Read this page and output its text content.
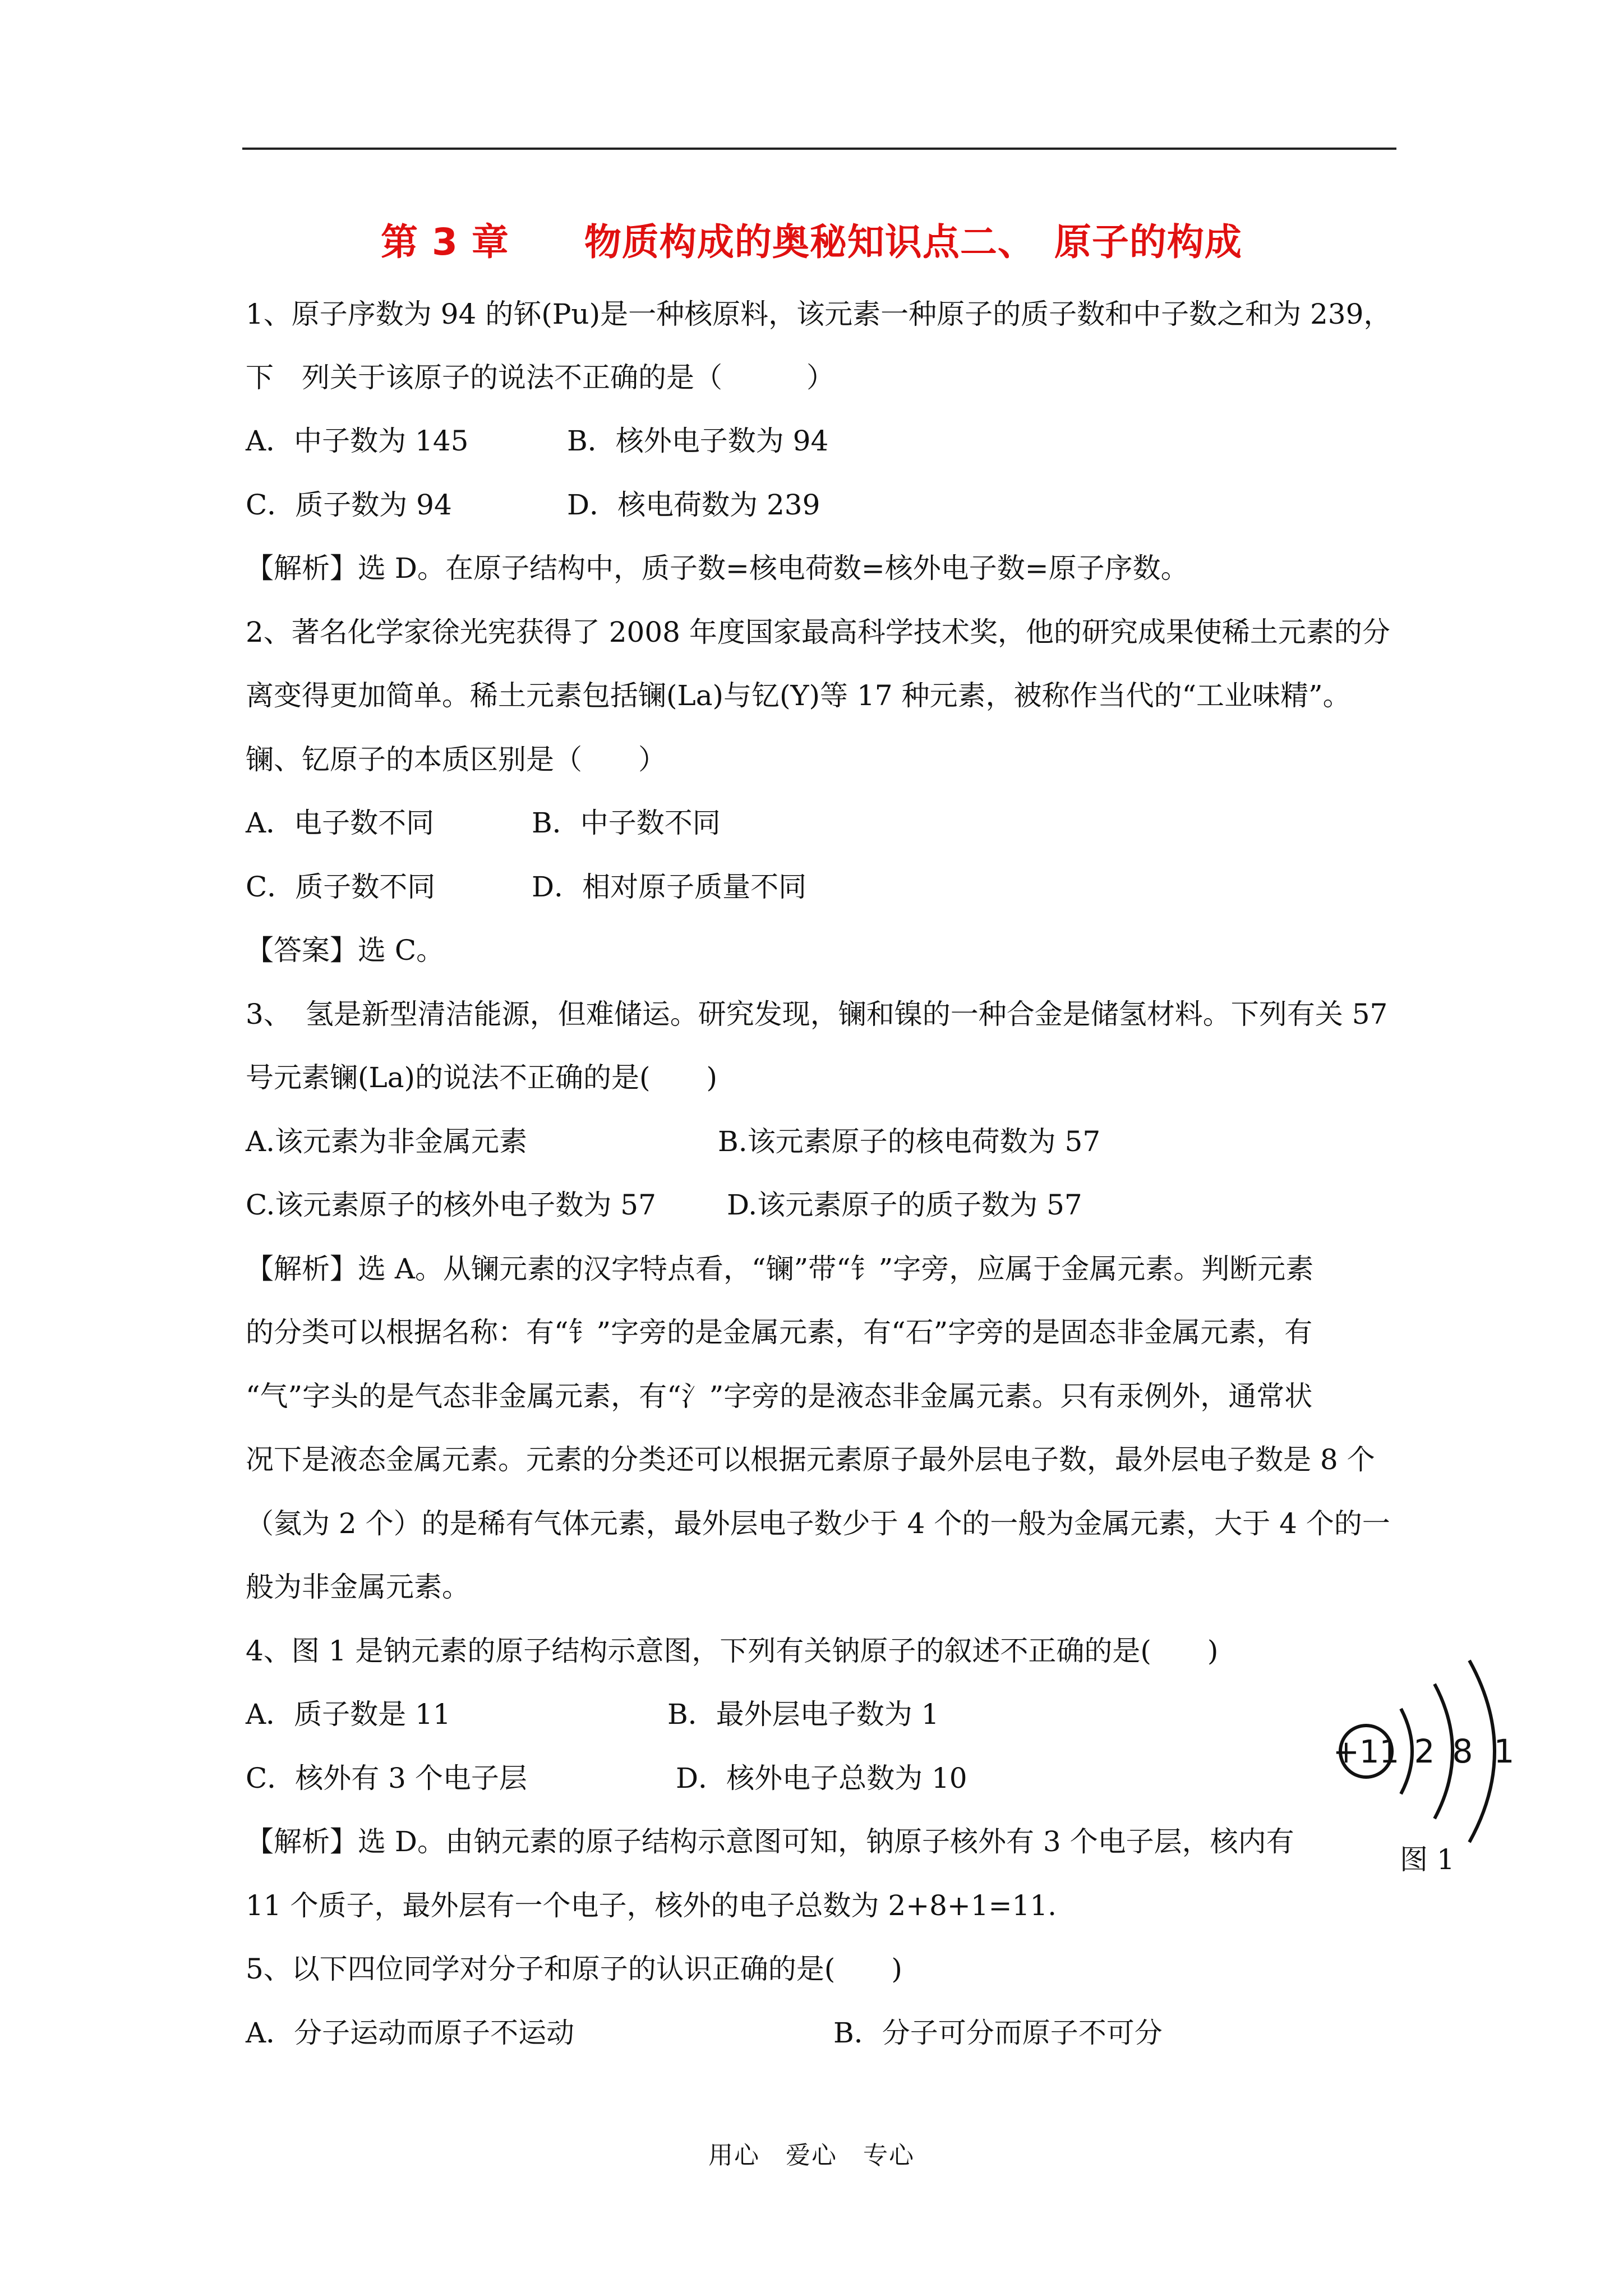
第 3 章　　物质构成的奥秘知识点二、　原子的构成
1、原子序数为 94 的钚(Pu)是一种核原料，该元素一种原子的质子数和中子数之和为 239，
下　列关于该原子的说法不正确的是（　　　）
A．中子数为 145	B．核外电子数为 94
C．质子数为 94	D．核电荷数为 239
【解析】选 D。在原子结构中，质子数=核电荷数=核外电子数=原子序数。
2、著名化学家徐光宪获得了 2008 年度国家最高科学技术奖，他的研究成果使稀土元素的分
离变得更加简单。稀土元素包括镧(La)与钇(Y)等 17 种元素，被称作当代的“工业味精”。
镧、钇原子的本质区别是（　　）
A．电子数不同	B．中子数不同
C．质子数不同	D．相对原子质量不同
【答案】选 C。
3、　氢是新型清洁能源，但难储运。研究发现，镧和镍的一种合金是储氢材料。下列有关 57
号元素镧(La)的说法不正确的是(　　)
A.该元素为非金属元素	B.该元素原子的核电荷数为 57
C.该元素原子的核外电子数为 57	D.该元素原子的质子数为 57
【解析】选 A。从镧元素的汉字特点看，“镧”带“钅”字旁，应属于金属元素。判断元素
的分类可以根据名称：有“钅”字旁的是金属元素，有“石”字旁的是固态非金属元素，有
“气”字头的是气态非金属元素，有“氵”字旁的是液态非金属元素。只有汞例外，通常状
况下是液态金属元素。元素的分类还可以根据元素原子最外层电子数，最外层电子数是 8 个
（氦为 2 个）的是稀有气体元素，最外层电子数少于 4 个的一般为金属元素，大于 4 个的一
般为非金属元素。
4、图 1 是钠元素的原子结构示意图，下列有关钠原子的叙述不正确的是(　　)
A．质子数是 11	B．最外层电子数为 1
C．核外有 3 个电子层	D．核外电子总数为 10
【解析】选 D。由钠元素的原子结构示意图可知，钠原子核外有 3 个电子层，核内有
11 个质子，最外层有一个电子，核外的电子总数为 2+8+1=11.
+11 2 8 1
图 1
5、以下四位同学对分子和原子的认识正确的是(　　)
A．分子运动而原子不运动	B．分子可分而原子不可分
用心　爱心　专心
